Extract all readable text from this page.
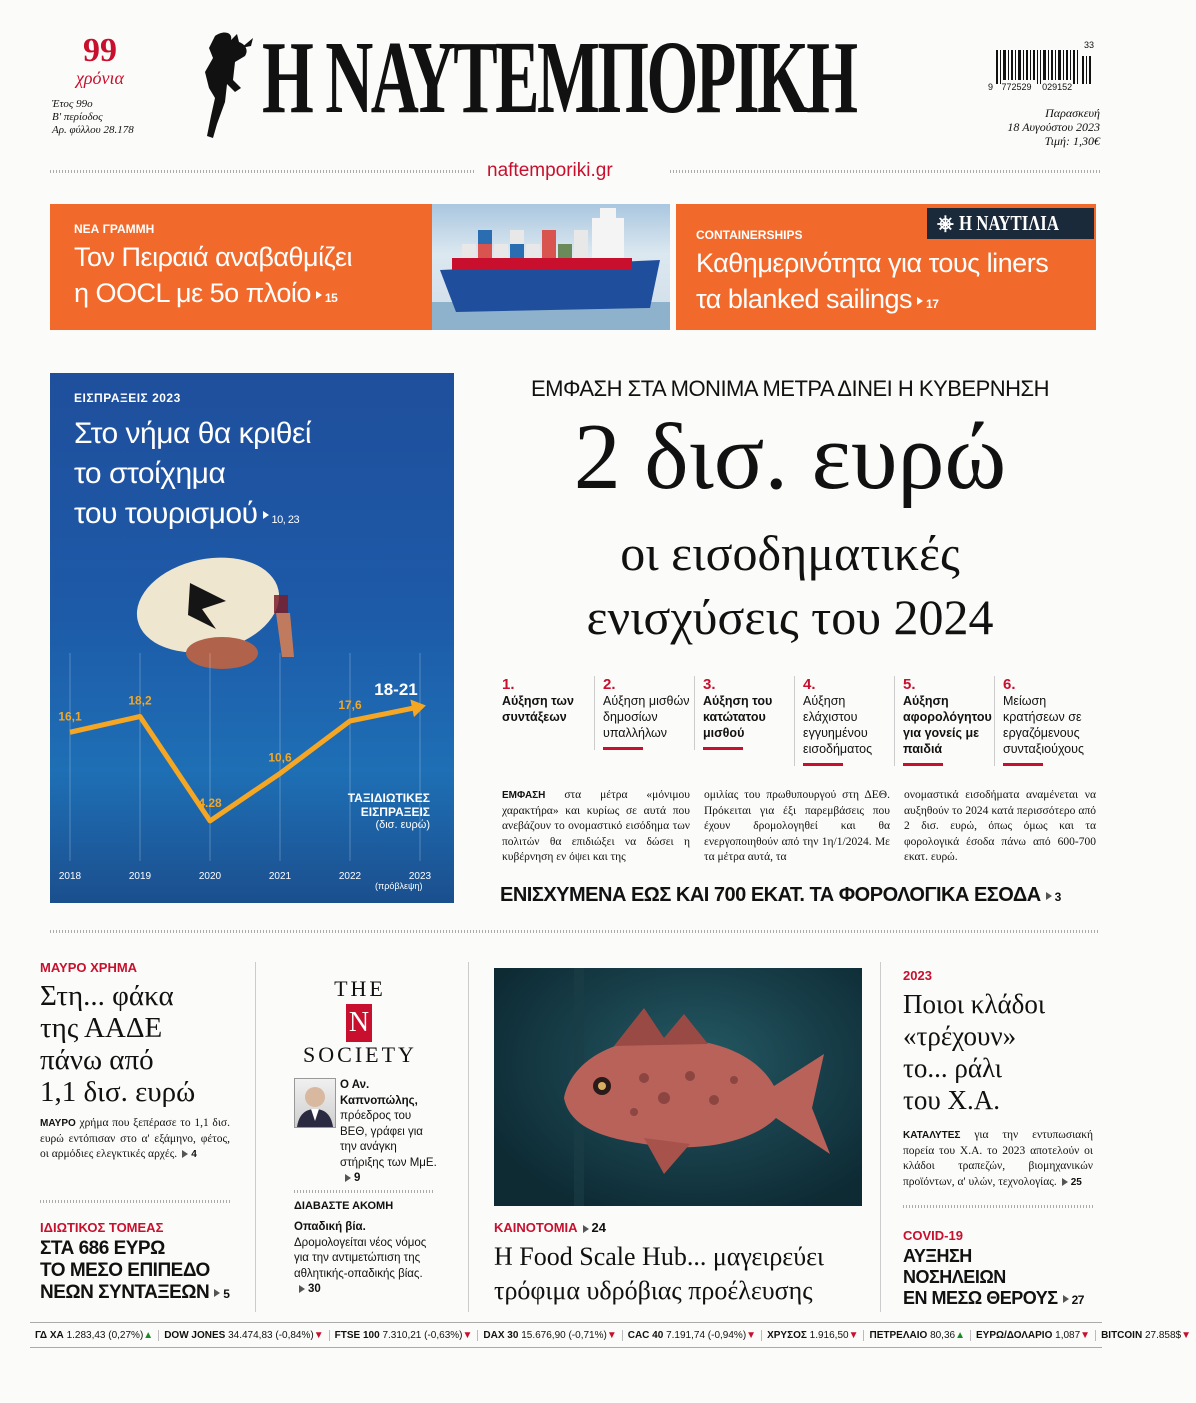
99
χρόνια
Έτος 99ο
Β' περίοδος
Αρ. φύλλου 28.178 Η ΝΑΥΤΕΜΠΟΡΙΚΗ	33
9 772529 029152
Παρασκευή
18 Αυγούστου 2023
Τιμή: 1,30€
naftemporiki.gr
ΝΕΑ ΓΡΑΜΜΗ
Τον Πειραιά αναβαθμίζει
η OOCL με 5ο πλοίο 15
⎈ Η ΝΑΥΤΙΛΙΑ
CONTAINERSHIPS
Καθημερινότητα για τους liners
τα blanked sailings 17
ΕΙΣΠΡΑΞΕΙΣ 2023
Στο νήμα θα κριθεί
το στοίχημα
του τουρισμού 10, 23
16,1
18,2
4.28
10,6
17,6
18-21
2018	2019	2020	2021	2022	2023
ΤΑΞΙΔΙΩΤΙΚΕΣ
ΕΙΣΠΡΑΞΕΙΣ
(δισ. ευρώ)
(πρόβλεψη)
ΕΜΦΑΣΗ ΣΤΑ ΜΟΝΙΜΑ ΜΕΤΡΑ ΔΙΝΕΙ Η ΚΥΒΕΡΝΗΣΗ
2 δισ. ευρώ
οι εισοδηματικές
ενισχύσεις του 2024
1.
Αύξηση των συντάξεων
2.
Αύξηση μισθών δημοσίων υπαλλήλων
3.
Αύξηση του κατώτατου μισθού
4.
Αύξηση ελάχιστου εγγυημένου εισοδήματος
5.
Αύξηση αφορολόγητου για γονείς με παιδιά
6.
Μείωση κρατήσεων σε εργαζόμενους συνταξιούχους
ΕΜΦΑΣΗ στα μέτρα «μόνιμου χαρακτήρα» και κυρίως σε αυτά που ανεβάζουν το ονομαστικό εισόδημα των πολιτών θα επιδιώξει να δώσει η κυβέρνηση εν όψει και της
ομιλίας του πρωθυπουργού στη ΔΕΘ. Πρόκειται για έξι παρεμβάσεις που έχουν δρομολογηθεί και θα ενεργοποιηθούν από την 1η/1/2024. Με τα μέτρα αυτά, τα
ονομαστικά εισοδήματα αναμένεται να αυξηθούν το 2024 κατά περισσότερο από 2 δισ. ευρώ, όπως όμως και τα φορολογικά έσοδα πάνω από 600-700 εκατ. ευρώ.
ΕΝΙΣΧΥΜΕΝΑ ΕΩΣ ΚΑΙ 700 ΕΚΑΤ. ΤΑ ΦΟΡΟΛΟΓΙΚΑ ΕΣΟΔΑ 3
ΜΑΥΡΟ ΧΡΗΜΑ
Στη... φάκα
της ΑΑΔΕ
πάνω από
1,1 δισ. ευρώ
ΜΑΥΡΟ χρήμα που ξεπέρασε το 1,1 δισ. ευρώ εντόπισαν στο α' εξάμηνο, φέτος, οι αρμόδιες ελεγκτικές αρχές. 4
ΙΔΙΩΤΙΚΟΣ ΤΟΜΕΑΣ
ΣΤΑ 686 ΕΥΡΩ
ΤΟ ΜΕΣΟ ΕΠΙΠΕΔΟ
ΝΕΩΝ ΣΥΝΤΑΞΕΩΝ 5
THE
N
SOCIETY
Ο Αν. Καπνοπώλης, πρόεδρος του ΒΕΘ, γράφει για την ανάγκη στήριξης των ΜμΕ.9
ΔΙΑΒΑΣΤΕ ΑΚΟΜΗ
Οπαδική βία. Δρομολογείται νέος νόμος για την αντιμετώπιση της αθλητικής-οπαδικής βίας.30
ΚΑΙΝΟΤΟΜΙΑ 24
Η Food Scale Hub... μαγειρεύει
τρόφιμα υδρόβιας προέλευσης
2023
Ποιοι κλάδοι
«τρέχουν»
το... ράλι
του Χ.Α.
ΚΑΤΑΛΥΤΕΣ για την εντυπωσιακή πορεία του Χ.Α. το 2023 αποτελούν οι κλάδοι τραπεζών, βιομηχανικών προϊόντων, α' υλών, τεχνολογίας. 25
COVID-19
ΑΥΞΗΣΗ
ΝΟΣΗΛΕΙΩΝ
ΕΝ ΜΕΣΩ ΘΕΡΟΥΣ 27
ΓΔ ΧΑ 1.283,43 (0,27%)▲	DOW JONES 34.474,83 (-0,84%)▼	FTSE 100 7.310,21 (-0,63%)▼	DAX 30 15.676,90 (-0,71%)▼	CAC 40 7.191,74 (-0,94%)▼	ΧΡΥΣΟΣ 1.916,50▼	ΠΕΤΡΕΛΑΙΟ 80,36▲	ΕΥΡΩ/ΔΟΛΑΡΙΟ 1,087▼	BITCOIN 27.858$▼
